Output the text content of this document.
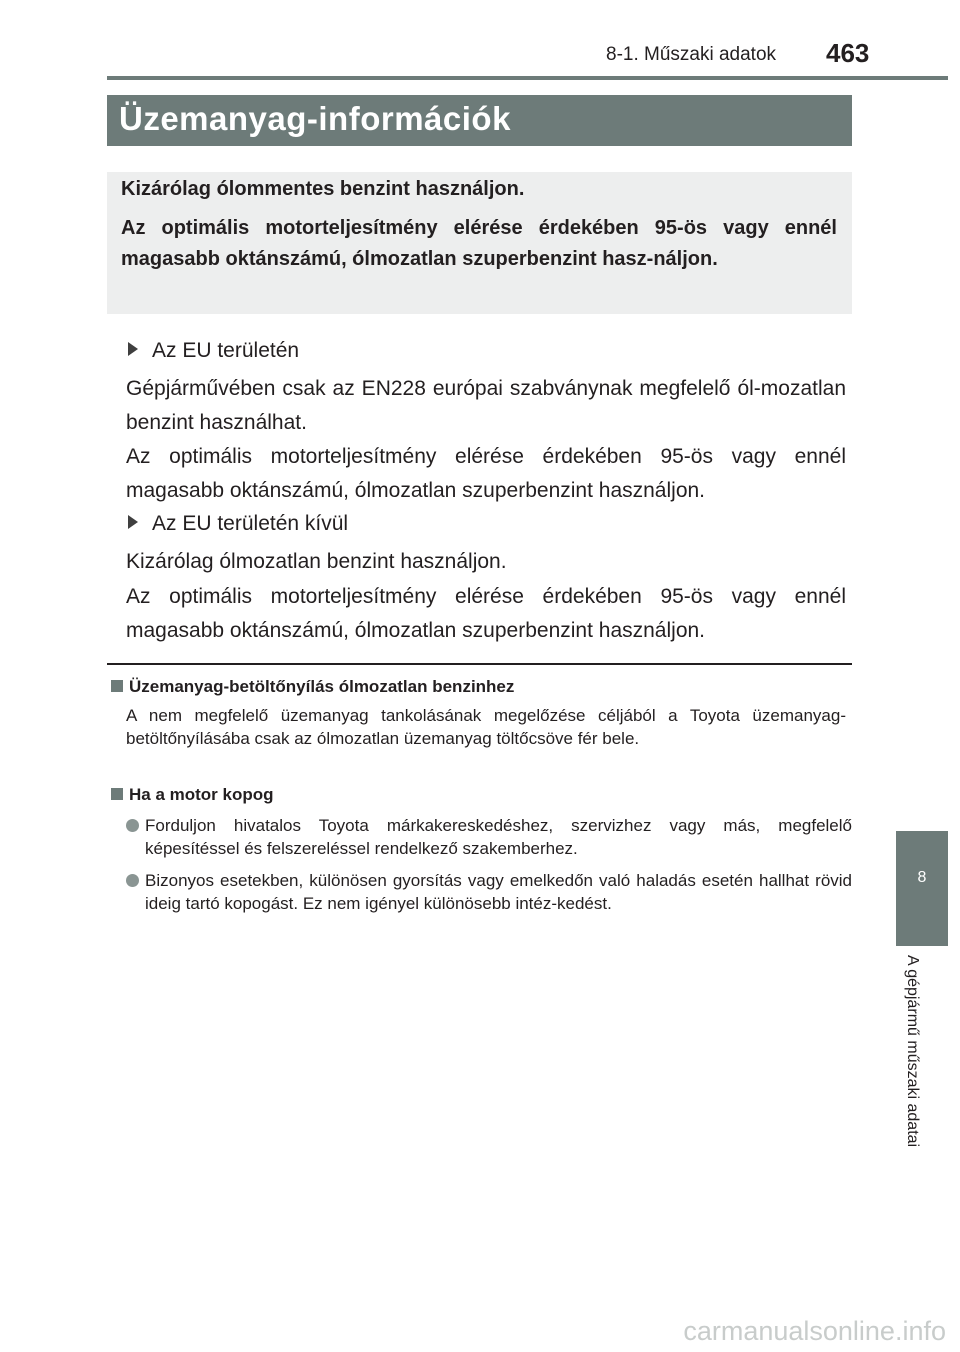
8-1. Műszaki adatok 463
Üzemanyag-információk
Kizárólag ólommentes benzint használjon.
Az optimális motorteljesítmény elérése érdekében 95-ös vagy ennél magasabb oktánszámú, ólmozatlan szuperbenzint hasz-náljon.
Az EU területén
Gépjárművében csak az EN228 európai szabványnak megfelelő ól-mozatlan benzint használhat.
Az optimális motorteljesítmény elérése érdekében 95-ös vagy ennél magasabb oktánszámú, ólmozatlan szuperbenzint használjon.
Az EU területén kívül
Kizárólag ólmozatlan benzint használjon.
Az optimális motorteljesítmény elérése érdekében 95-ös vagy ennél magasabb oktánszámú, ólmozatlan szuperbenzint használjon.
Üzemanyag-betöltőnyílás ólmozatlan benzinhez
A nem megfelelő üzemanyag tankolásának megelőzése céljából a Toyota üzemanyag-betöltőnyílásába csak az ólmozatlan üzemanyag töltőcsöve fér bele.
Ha a motor kopog
Forduljon hivatalos Toyota márkakereskedéshez, szervizhez vagy más, megfelelő képesítéssel és felszereléssel rendelkező szakemberhez.
Bizonyos esetekben, különösen gyorsítás vagy emelkedőn való haladás esetén hallhat rövid ideig tartó kopogást. Ez nem igényel különösebb intéz-kedést.
8
A gépjármű műszaki adatai
carmanualsonline.info
